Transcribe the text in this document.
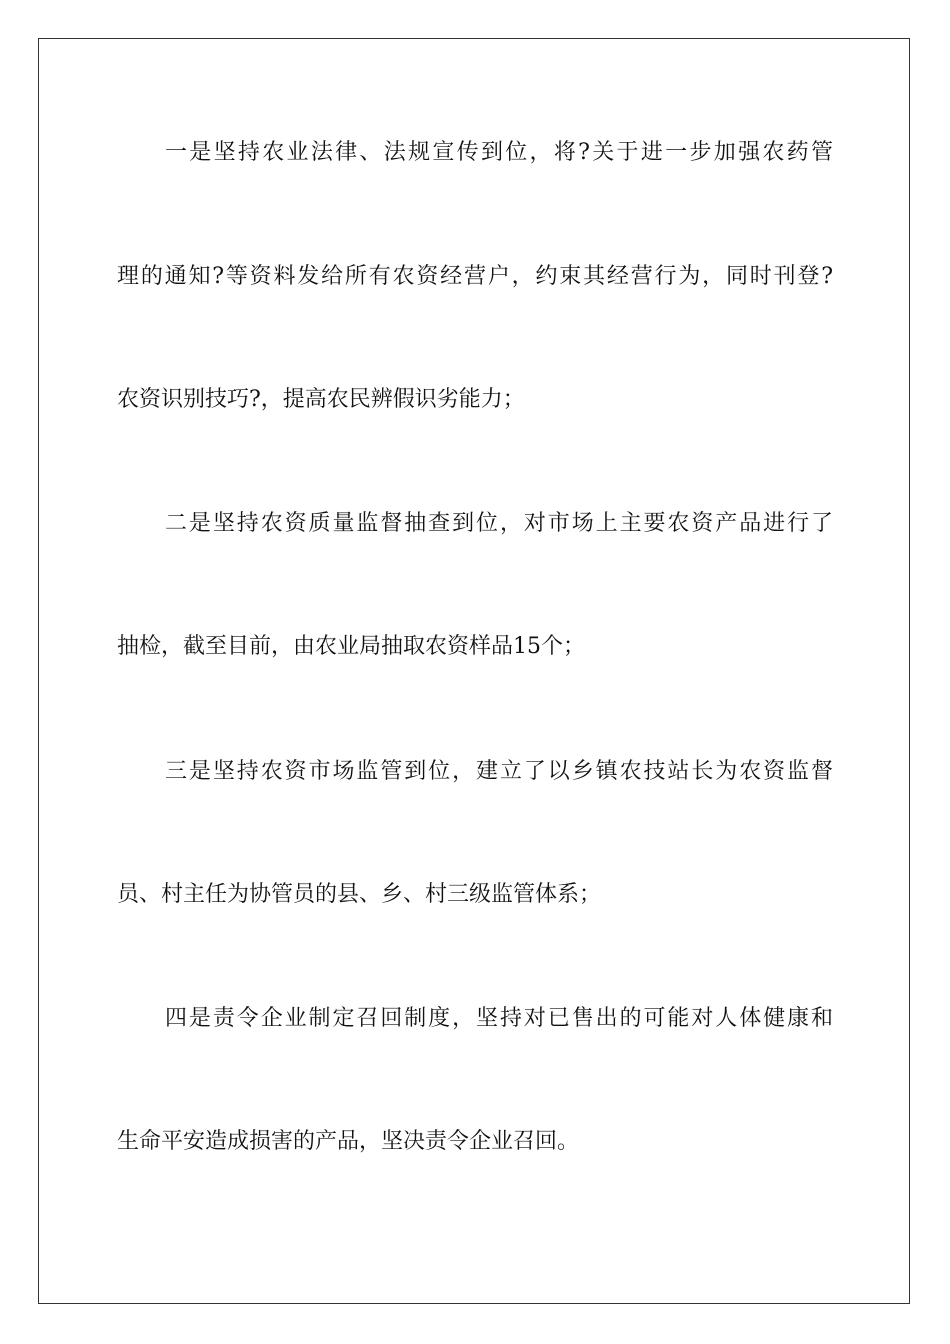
一是坚持农业法律、法规宣传到位，将?关于进一步加强农药管
理的通知?等资料发给所有农资经营户，约束其经营行为，同时刊登?
农资识别技巧?，提高农民辨假识劣能力；
二是坚持农资质量监督抽查到位，对市场上主要农资产品进行了
抽检，截至目前，由农业局抽取农资样品15个；
三是坚持农资市场监管到位，建立了以乡镇农技站长为农资监督
员、村主任为协管员的县、乡、村三级监管体系；
四是责令企业制定召回制度，坚持对已售出的可能对人体健康和
生命平安造成损害的产品，坚决责令企业召回。
